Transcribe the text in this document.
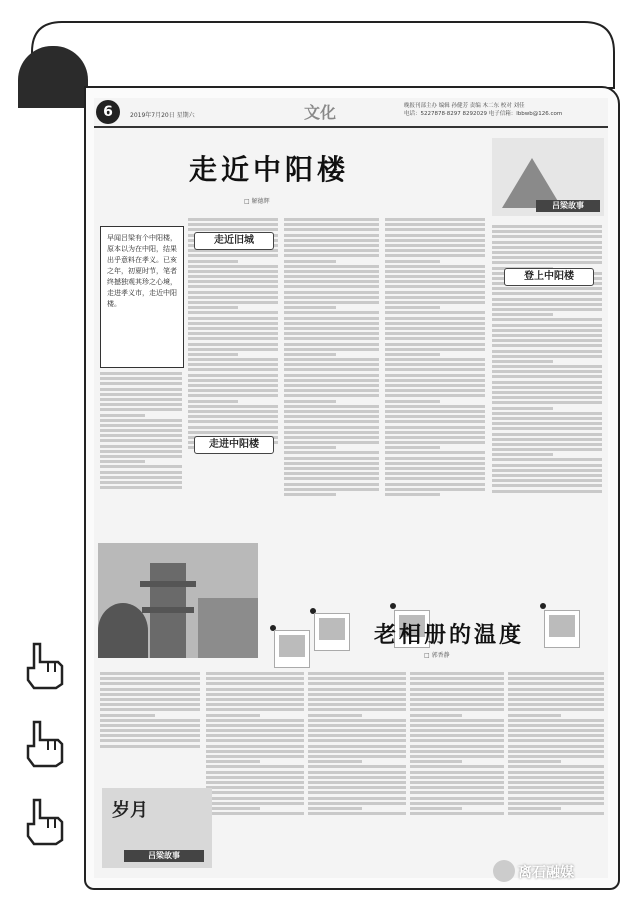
6	2019年7月20日 星期六	文化	晚报刊部主办 编辑 孙健芳 责编 木二东 校对 刘佳
电话：5227878·8297 8292029 电子信箱：lbbwb@126.com
走近中阳楼
□ 解德辉

早闻吕梁有个中阳楼，原本以为在中阳，结果出乎意料在孝义。已亥之年，初夏时节，笔者终撼独观其珍之心境，走进孝义市，走近中阳楼。

走近旧城
走进中阳楼
登上中阳楼
吕梁故事
老相册的温度
□ 郭香静
岁月
吕梁故事
离石融媒
